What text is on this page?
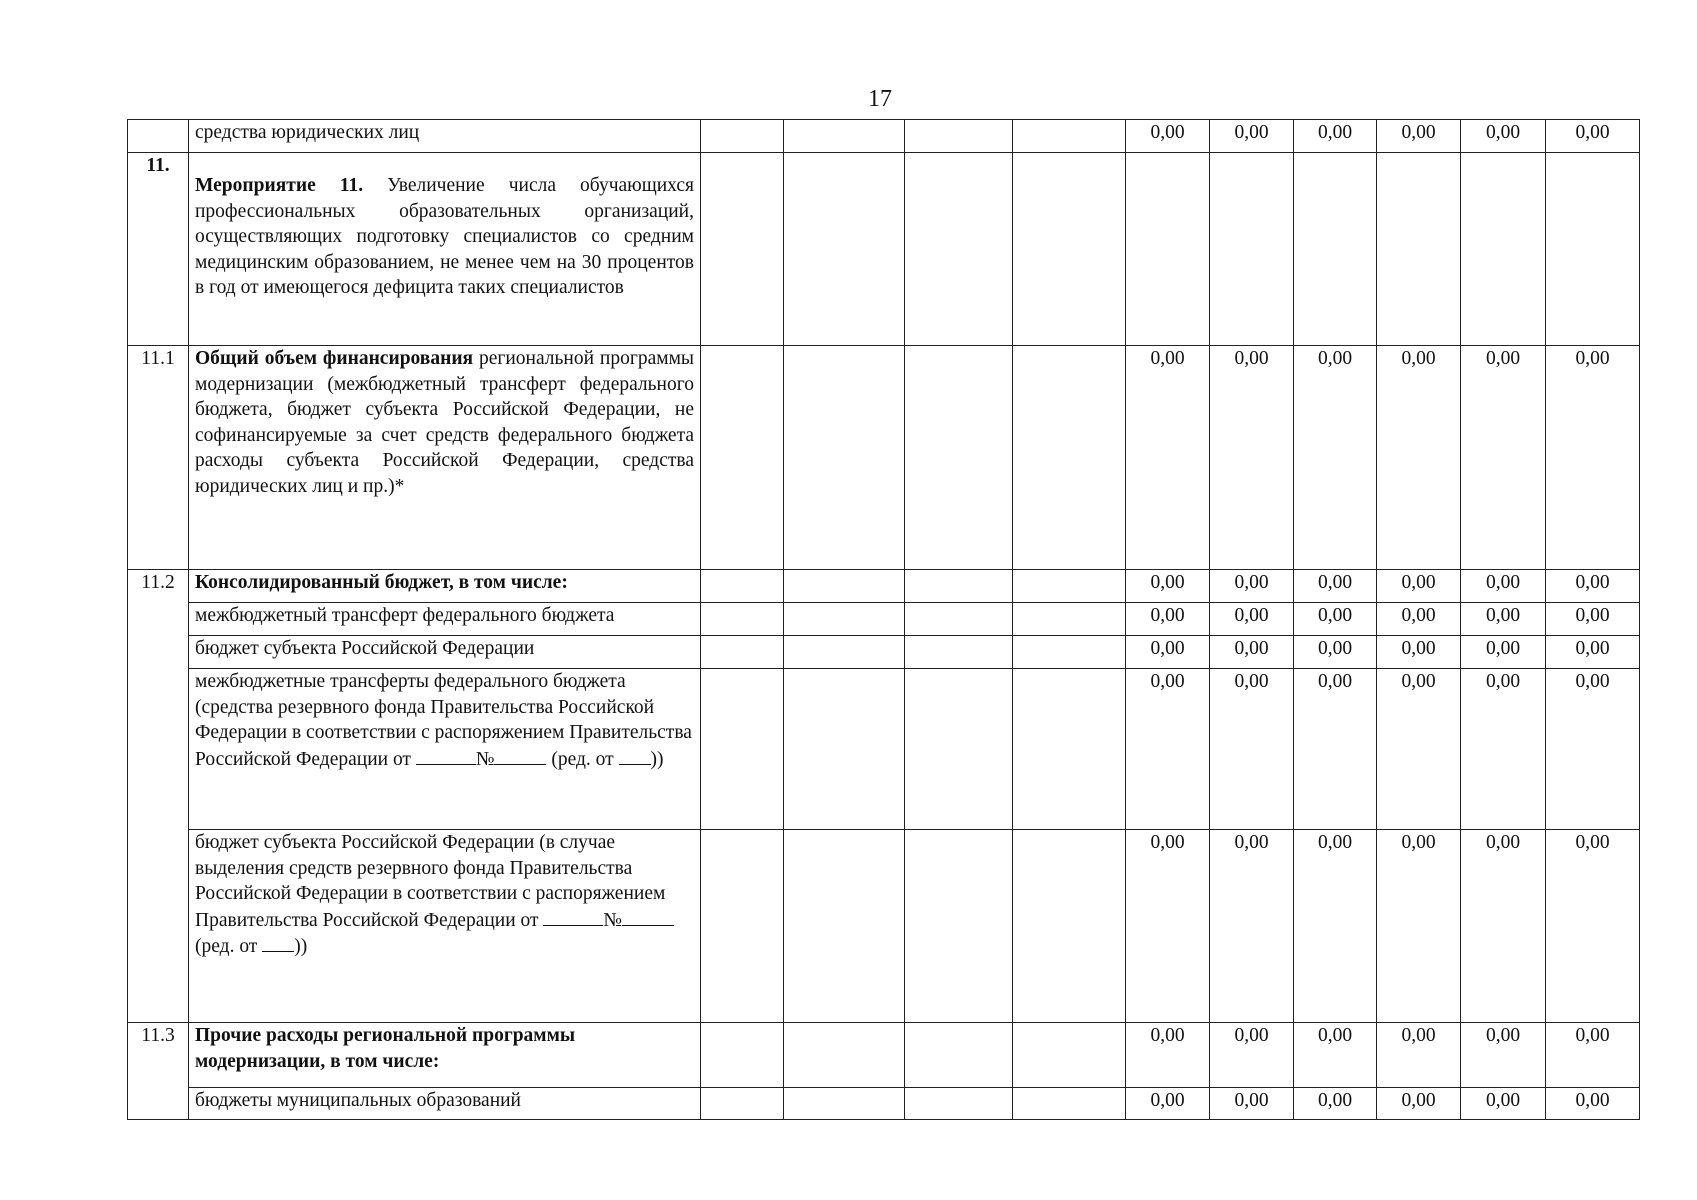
17
	средства юридических лиц					0,00	0,00	0,00	0,00	0,00	0,00
11.	Мероприятие 11. Увеличение числа обучающихся профессиональных образовательных организаций, осуществляющих подготовку специалистов со средним медицинским образованием, не менее чем на 30 процентов в год от имеющегося дефицита таких специалистов										
11.1	Общий объем финансирования региональной программы модернизации (межбюджетный трансферт федерального бюджета, бюджет субъекта Российской Федерации, не софинансируемые за счет средств федерального бюджета расходы субъекта Российской Федерации, средства юридических лиц и пр.)*					0,00	0,00	0,00	0,00	0,00	0,00
11.2	Консолидированный бюджет, в том числе:					0,00	0,00	0,00	0,00	0,00	0,00
	межбюджетный трансферт федерального бюджета					0,00	0,00	0,00	0,00	0,00	0,00
	бюджет субъекта Российской Федерации					0,00	0,00	0,00	0,00	0,00	0,00
	межбюджетные трансферты федерального бюджета (средства резервного фонда Правительства Российской Федерации в соответствии с распоряжением Правительства Российской Федерации от № (ред. от ))					0,00	0,00	0,00	0,00	0,00	0,00
	бюджет субъекта Российской Федерации (в случае выделения средств резервного фонда Правительства Российской Федерации в соответствии с распоряжением Правительства Российской Федерации от № (ред. от ))					0,00	0,00	0,00	0,00	0,00	0,00
11.3	Прочие расходы региональной программы модернизации, в том числе:					0,00	0,00	0,00	0,00	0,00	0,00
	бюджеты муниципальных образований					0,00	0,00	0,00	0,00	0,00	0,00
